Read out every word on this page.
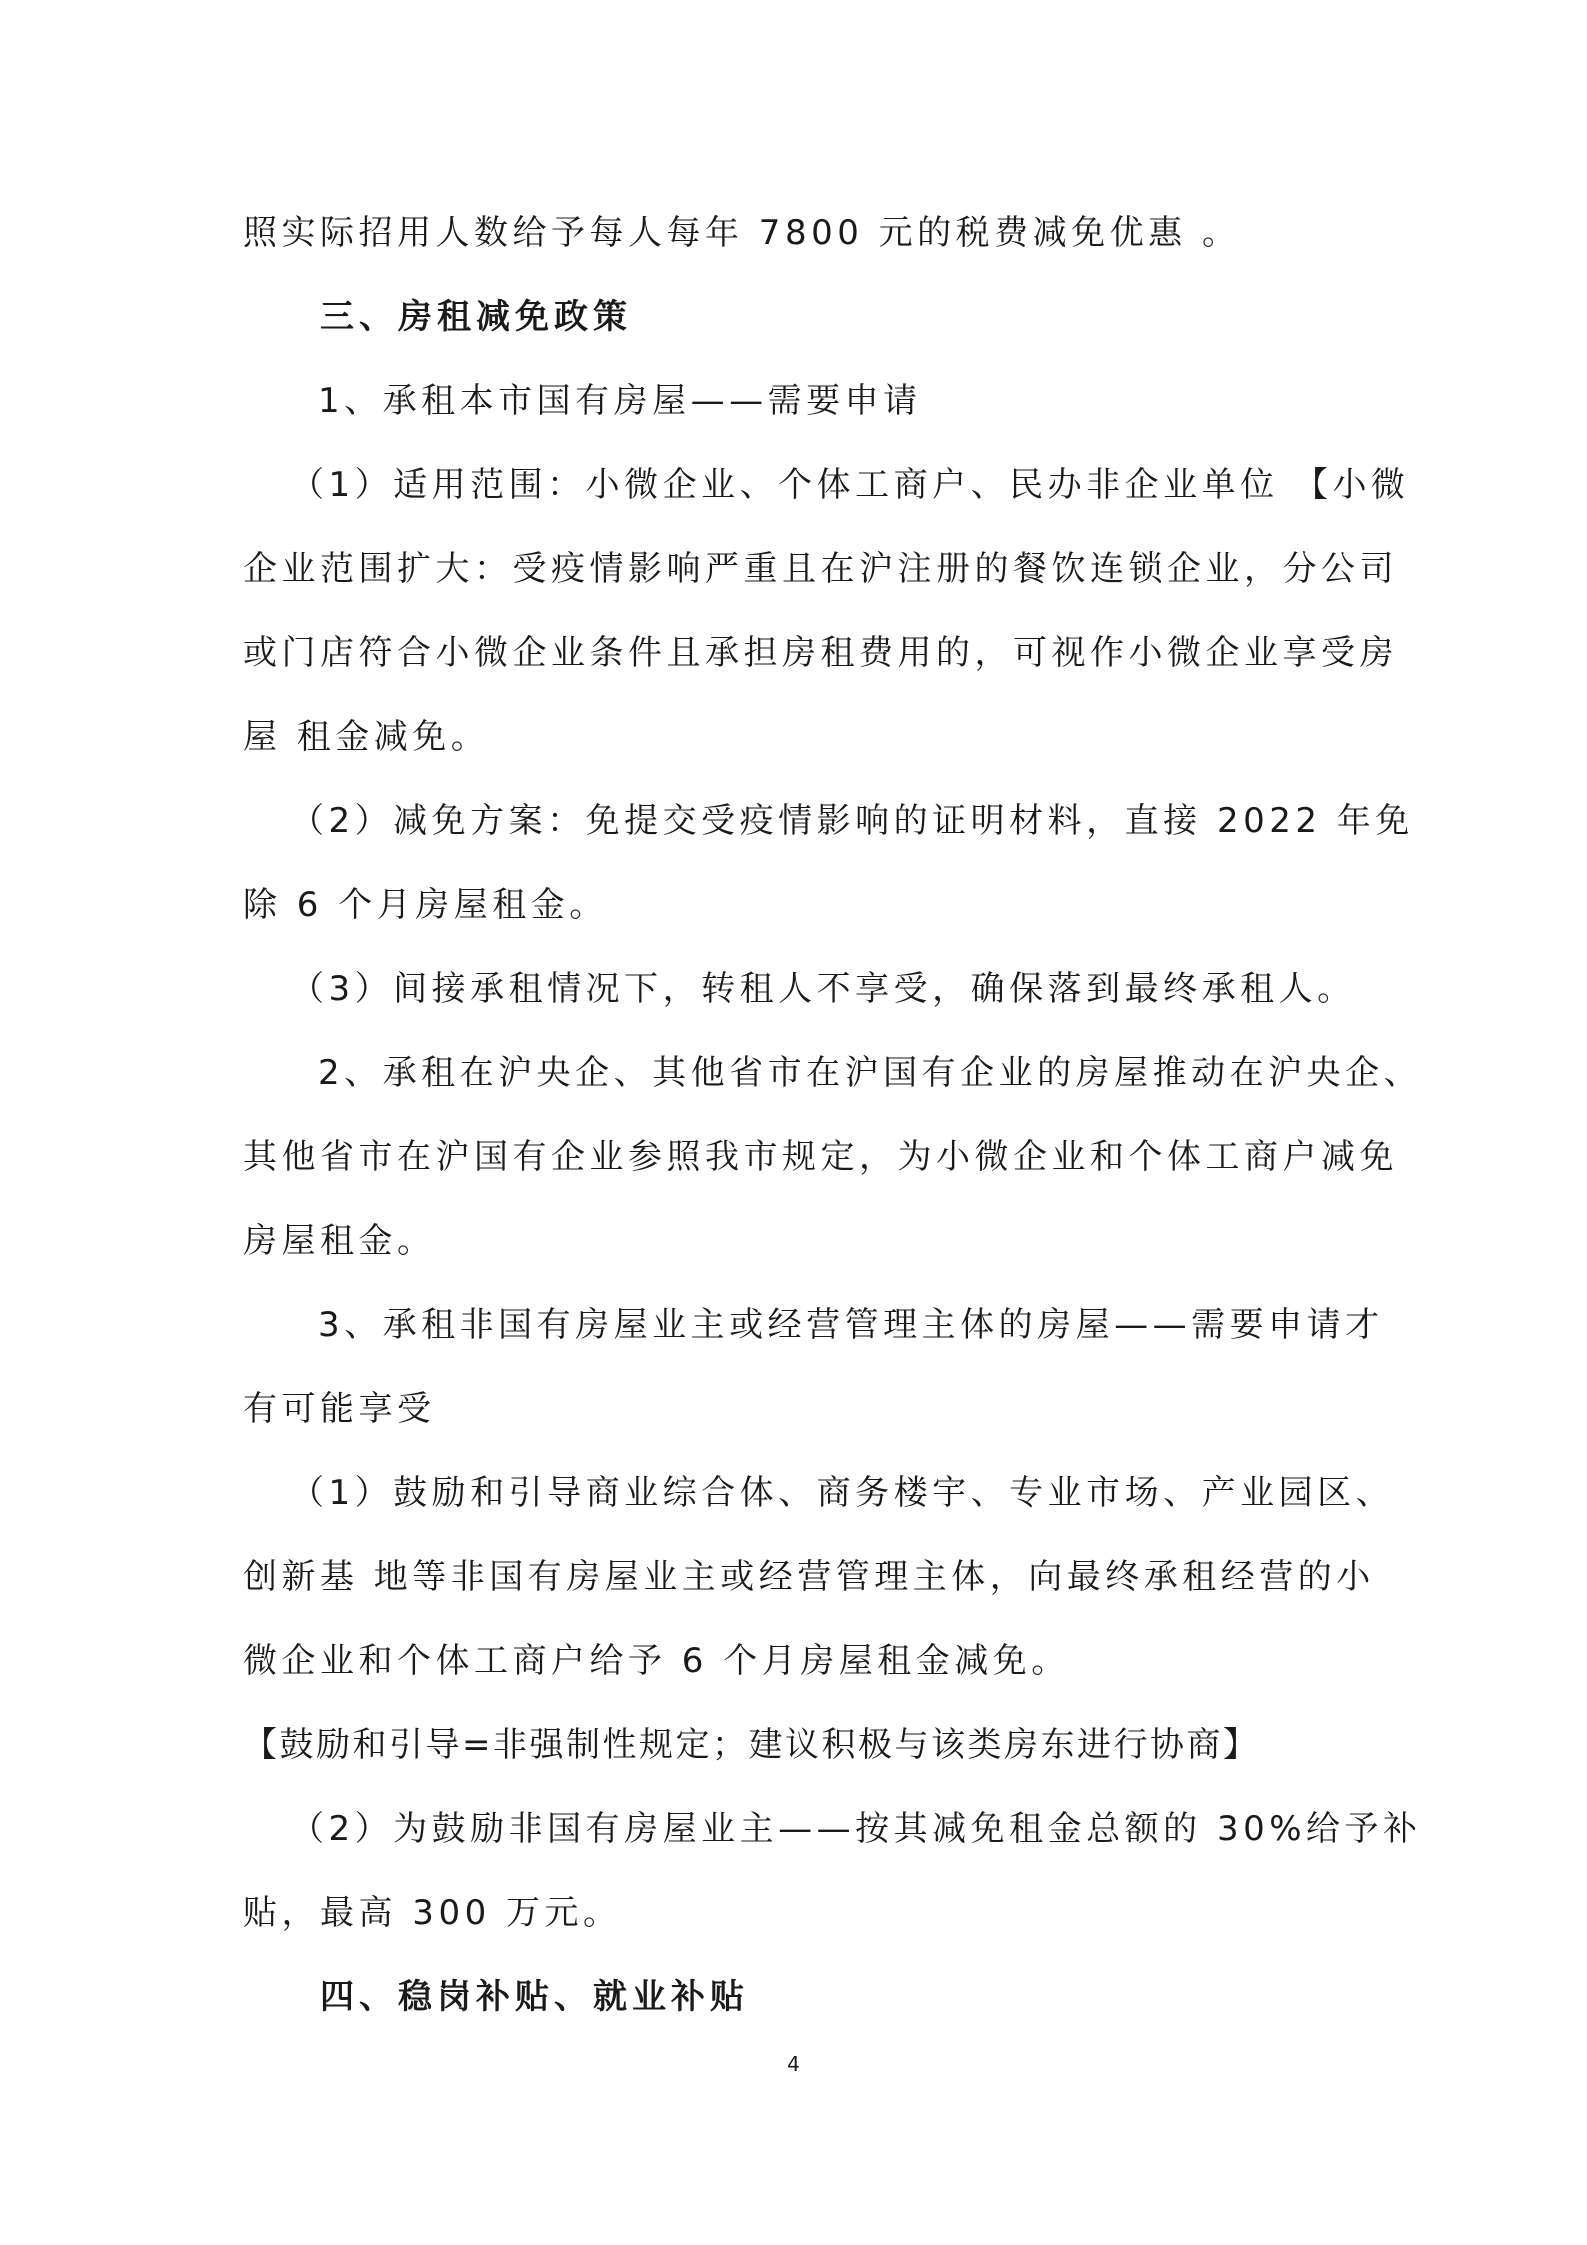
照实际招用人数给予每人每年 7800 元的税费减免优惠 。
三、房租减免政策
1、承租本市国有房屋——需要申请
（1）适用范围：小微企业、个体工商户、民办非企业单位 【小微
企业范围扩大：受疫情影响严重且在沪注册的餐饮连锁企业，分公司
或门店符合小微企业条件且承担房租费用的，可视作小微企业享受房
屋 租金减免。
（2）减免方案：免提交受疫情影响的证明材料，直接 2022 年免
除 6 个月房屋租金。
（3）间接承租情况下，转租人不享受，确保落到最终承租人。
2、承租在沪央企、其他省市在沪国有企业的房屋推动在沪央企、
其他省市在沪国有企业参照我市规定，为小微企业和个体工商户减免
房屋租金。
3、承租非国有房屋业主或经营管理主体的房屋——需要申请才
有可能享受
（1）鼓励和引导商业综合体、商务楼宇、专业市场、产业园区、
创新基 地等非国有房屋业主或经营管理主体，向最终承租经营的小
微企业和个体工商户给予 6 个月房屋租金减免。
【鼓励和引导=非强制性规定；建议积极与该类房东进行协商】
（2）为鼓励非国有房屋业主——按其减免租金总额的 30%给予补
贴，最高 300 万元。
四、稳岗补贴、就业补贴
4
